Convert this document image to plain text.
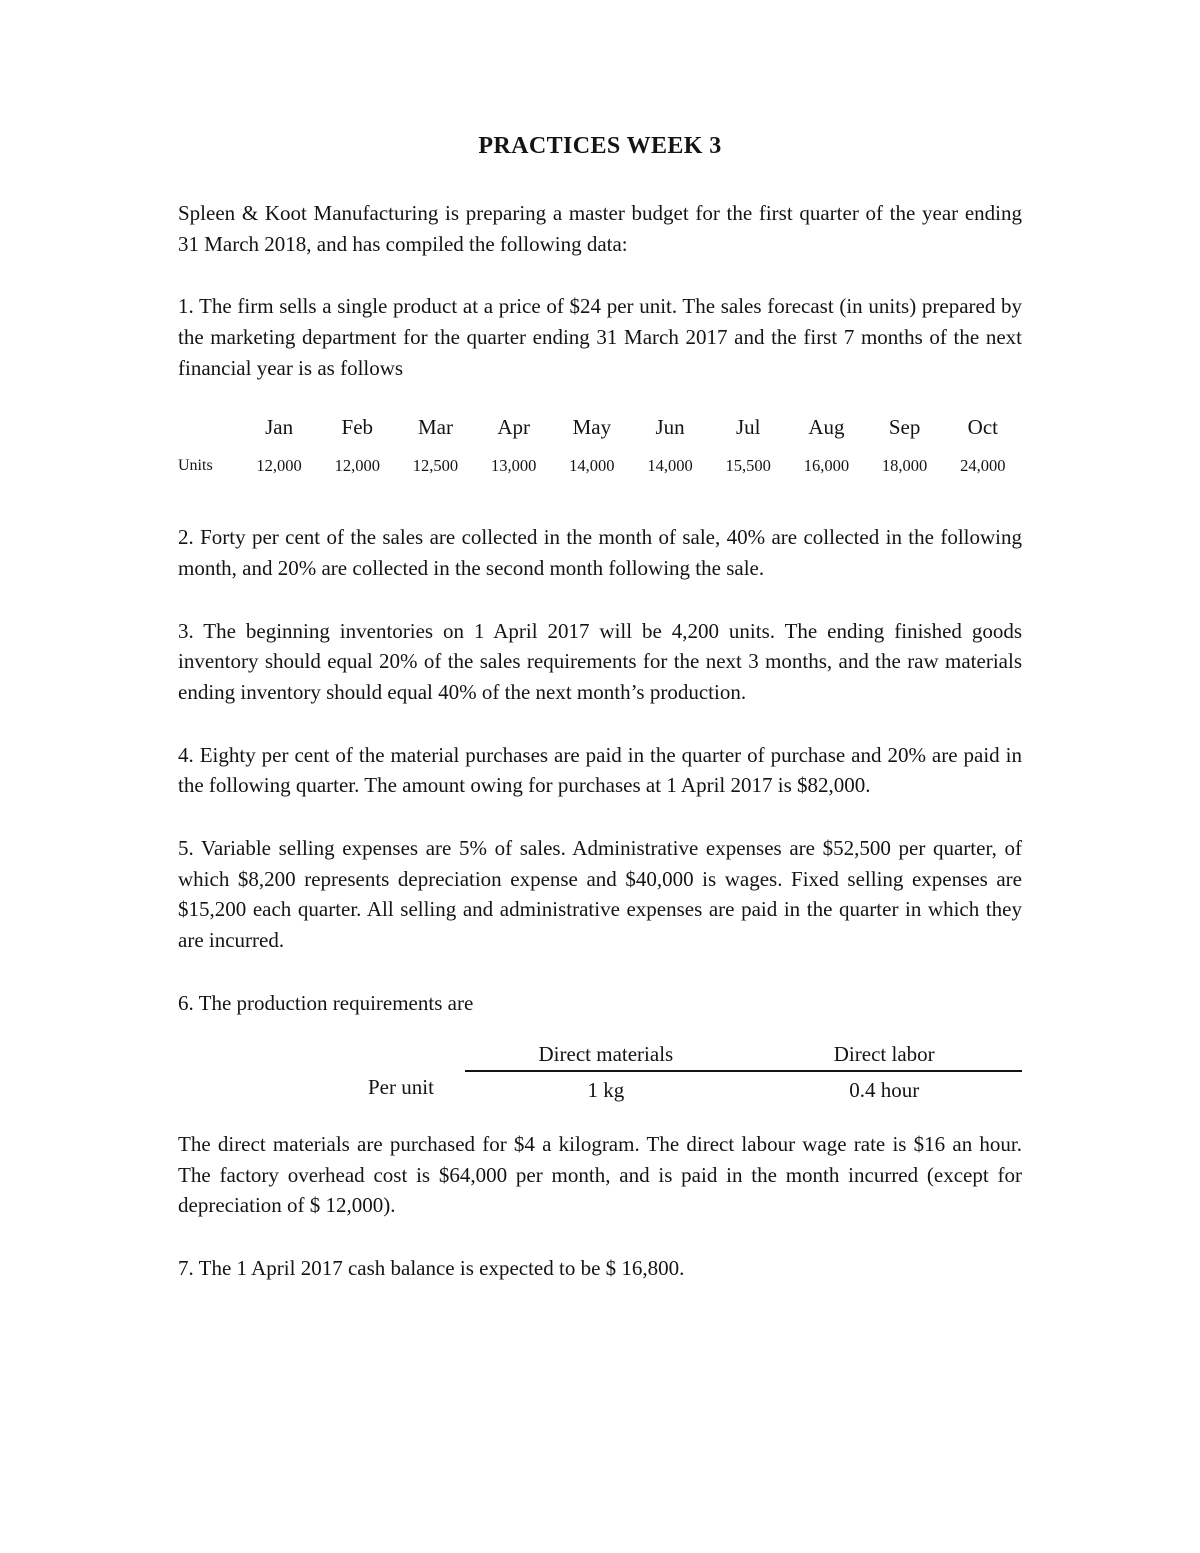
PRACTICES WEEK 3

Spleen & Koot Manufacturing is preparing a master budget for the first quarter of the year ending 31 March 2018, and has compiled the following data:

1. The firm sells a single product at a price of $24 per unit. The sales forecast (in units) prepared by the marketing department for the quarter ending 31 March 2017 and the first 7 months of the next financial year is as follows

	Jan	Feb	Mar	Apr	May	Jun	Jul	Aug	Sep	Oct
Units	12,000	12,000	12,500	13,000	14,000	14,000	15,500	16,000	18,000	24,000

2. Forty per cent of the sales are collected in the month of sale, 40% are collected in the following month, and 20% are collected in the second month following the sale.

3. The beginning inventories on 1 April 2017 will be 4,200 units. The ending finished goods inventory should equal 20% of the sales requirements for the next 3 months, and the raw materials ending inventory should equal 40% of the next month’s production.

4. Eighty per cent of the material purchases are paid in the quarter of purchase and 20% are paid in the following quarter. The amount owing for purchases at 1 April 2017 is $82,000.

5. Variable selling expenses are 5% of sales. Administrative expenses are $52,500 per quarter, of which $8,200 represents depreciation expense and $40,000 is wages. Fixed selling expenses are $15,200 each quarter. All selling and administrative expenses are paid in the quarter in which they are incurred.

6. The production requirements are

	Direct materials	Direct labor
Per unit	1 kg	0.4 hour

The direct materials are purchased for $4 a kilogram. The direct labour wage rate is $16 an hour. The factory overhead cost is $64,000 per month, and is paid in the month incurred (except for depreciation of $ 12,000).

7. The 1 April 2017 cash balance is expected to be $ 16,800.
